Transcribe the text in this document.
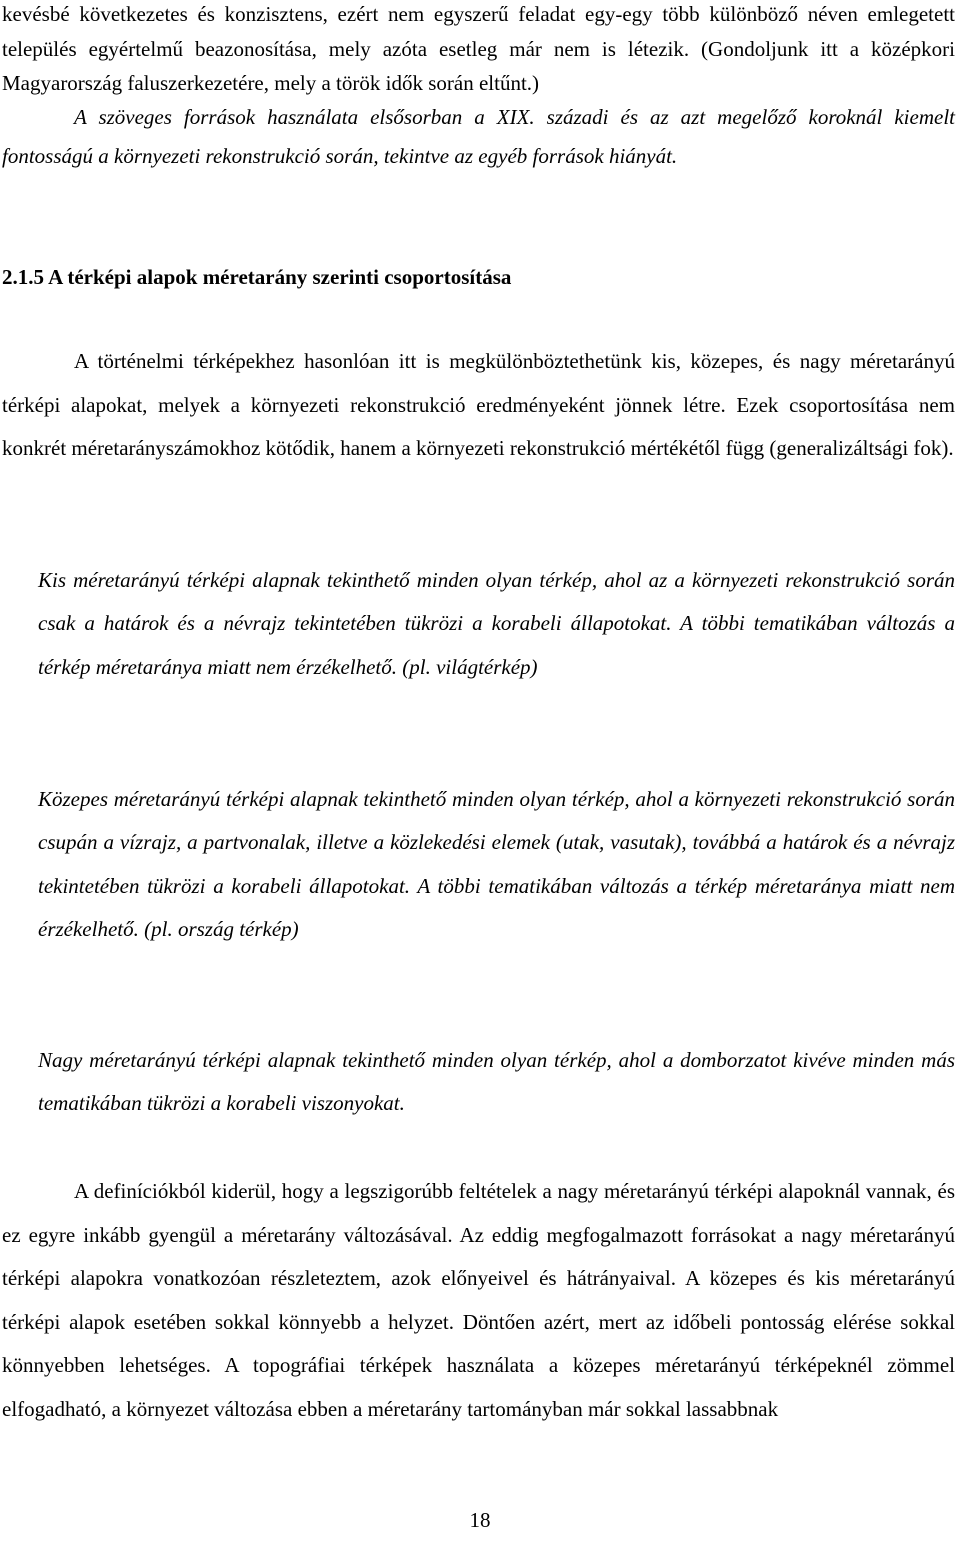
kevésbé következetes és konzisztens, ezért nem egyszerű feladat egy-egy több különböző néven emlegetett település egyértelmű beazonosítása, mely azóta esetleg már nem is létezik. (Gondoljunk itt a középkori Magyarország faluszerkezetére, mely a török idők során eltűnt.)
A szöveges források használata elsősorban a XIX. századi és az azt megelőző koroknál kiemelt fontosságú a környezeti rekonstrukció során, tekintve az egyéb források hiányát.
2.1.5 A térképi alapok méretarány szerinti csoportosítása
A történelmi térképekhez hasonlóan itt is megkülönböztethetünk kis, közepes, és nagy méretarányú térképi alapokat, melyek a környezeti rekonstrukció eredményeként jönnek létre. Ezek csoportosítása nem konkrét méretarányszámokhoz kötődik, hanem a környezeti rekonstrukció mértékétől függ (generalizáltsági fok).
Kis méretarányú térképi alapnak tekinthető minden olyan térkép, ahol az a környezeti rekonstrukció során csak a határok és a névrajz tekintetében tükrözi a korabeli állapotokat. A többi tematikában változás a térkép méretaránya miatt nem érzékelhető. (pl. világtérkép)
Közepes méretarányú térképi alapnak tekinthető minden olyan térkép, ahol a környezeti rekonstrukció során csupán a vízrajz, a partvonalak, illetve a közlekedési elemek (utak, vasutak), továbbá a határok és a névrajz tekintetében tükrözi a korabeli állapotokat. A többi tematikában változás a térkép méretaránya miatt nem érzékelhető. (pl. ország térkép)
Nagy méretarányú térképi alapnak tekinthető minden olyan térkép, ahol a domborzatot kivéve minden más tematikában tükrözi a korabeli viszonyokat.
A definíciókból kiderül, hogy a legszigorúbb feltételek a nagy méretarányú térképi alapoknál vannak, és ez egyre inkább gyengül a méretarány változásával. Az eddig megfogalmazott forrásokat a nagy méretarányú térképi alapokra vonatkozóan részleteztem, azok előnyeivel és hátrányaival. A közepes és kis méretarányú térképi alapok esetében sokkal könnyebb a helyzet. Döntően azért, mert az időbeli pontosság elérése sokkal könnyebben lehetséges. A topográfiai térképek használata a közepes méretarányú térképeknél zömmel elfogadható, a környezet változása ebben a méretarány tartományban már sokkal lassabbnak
18
